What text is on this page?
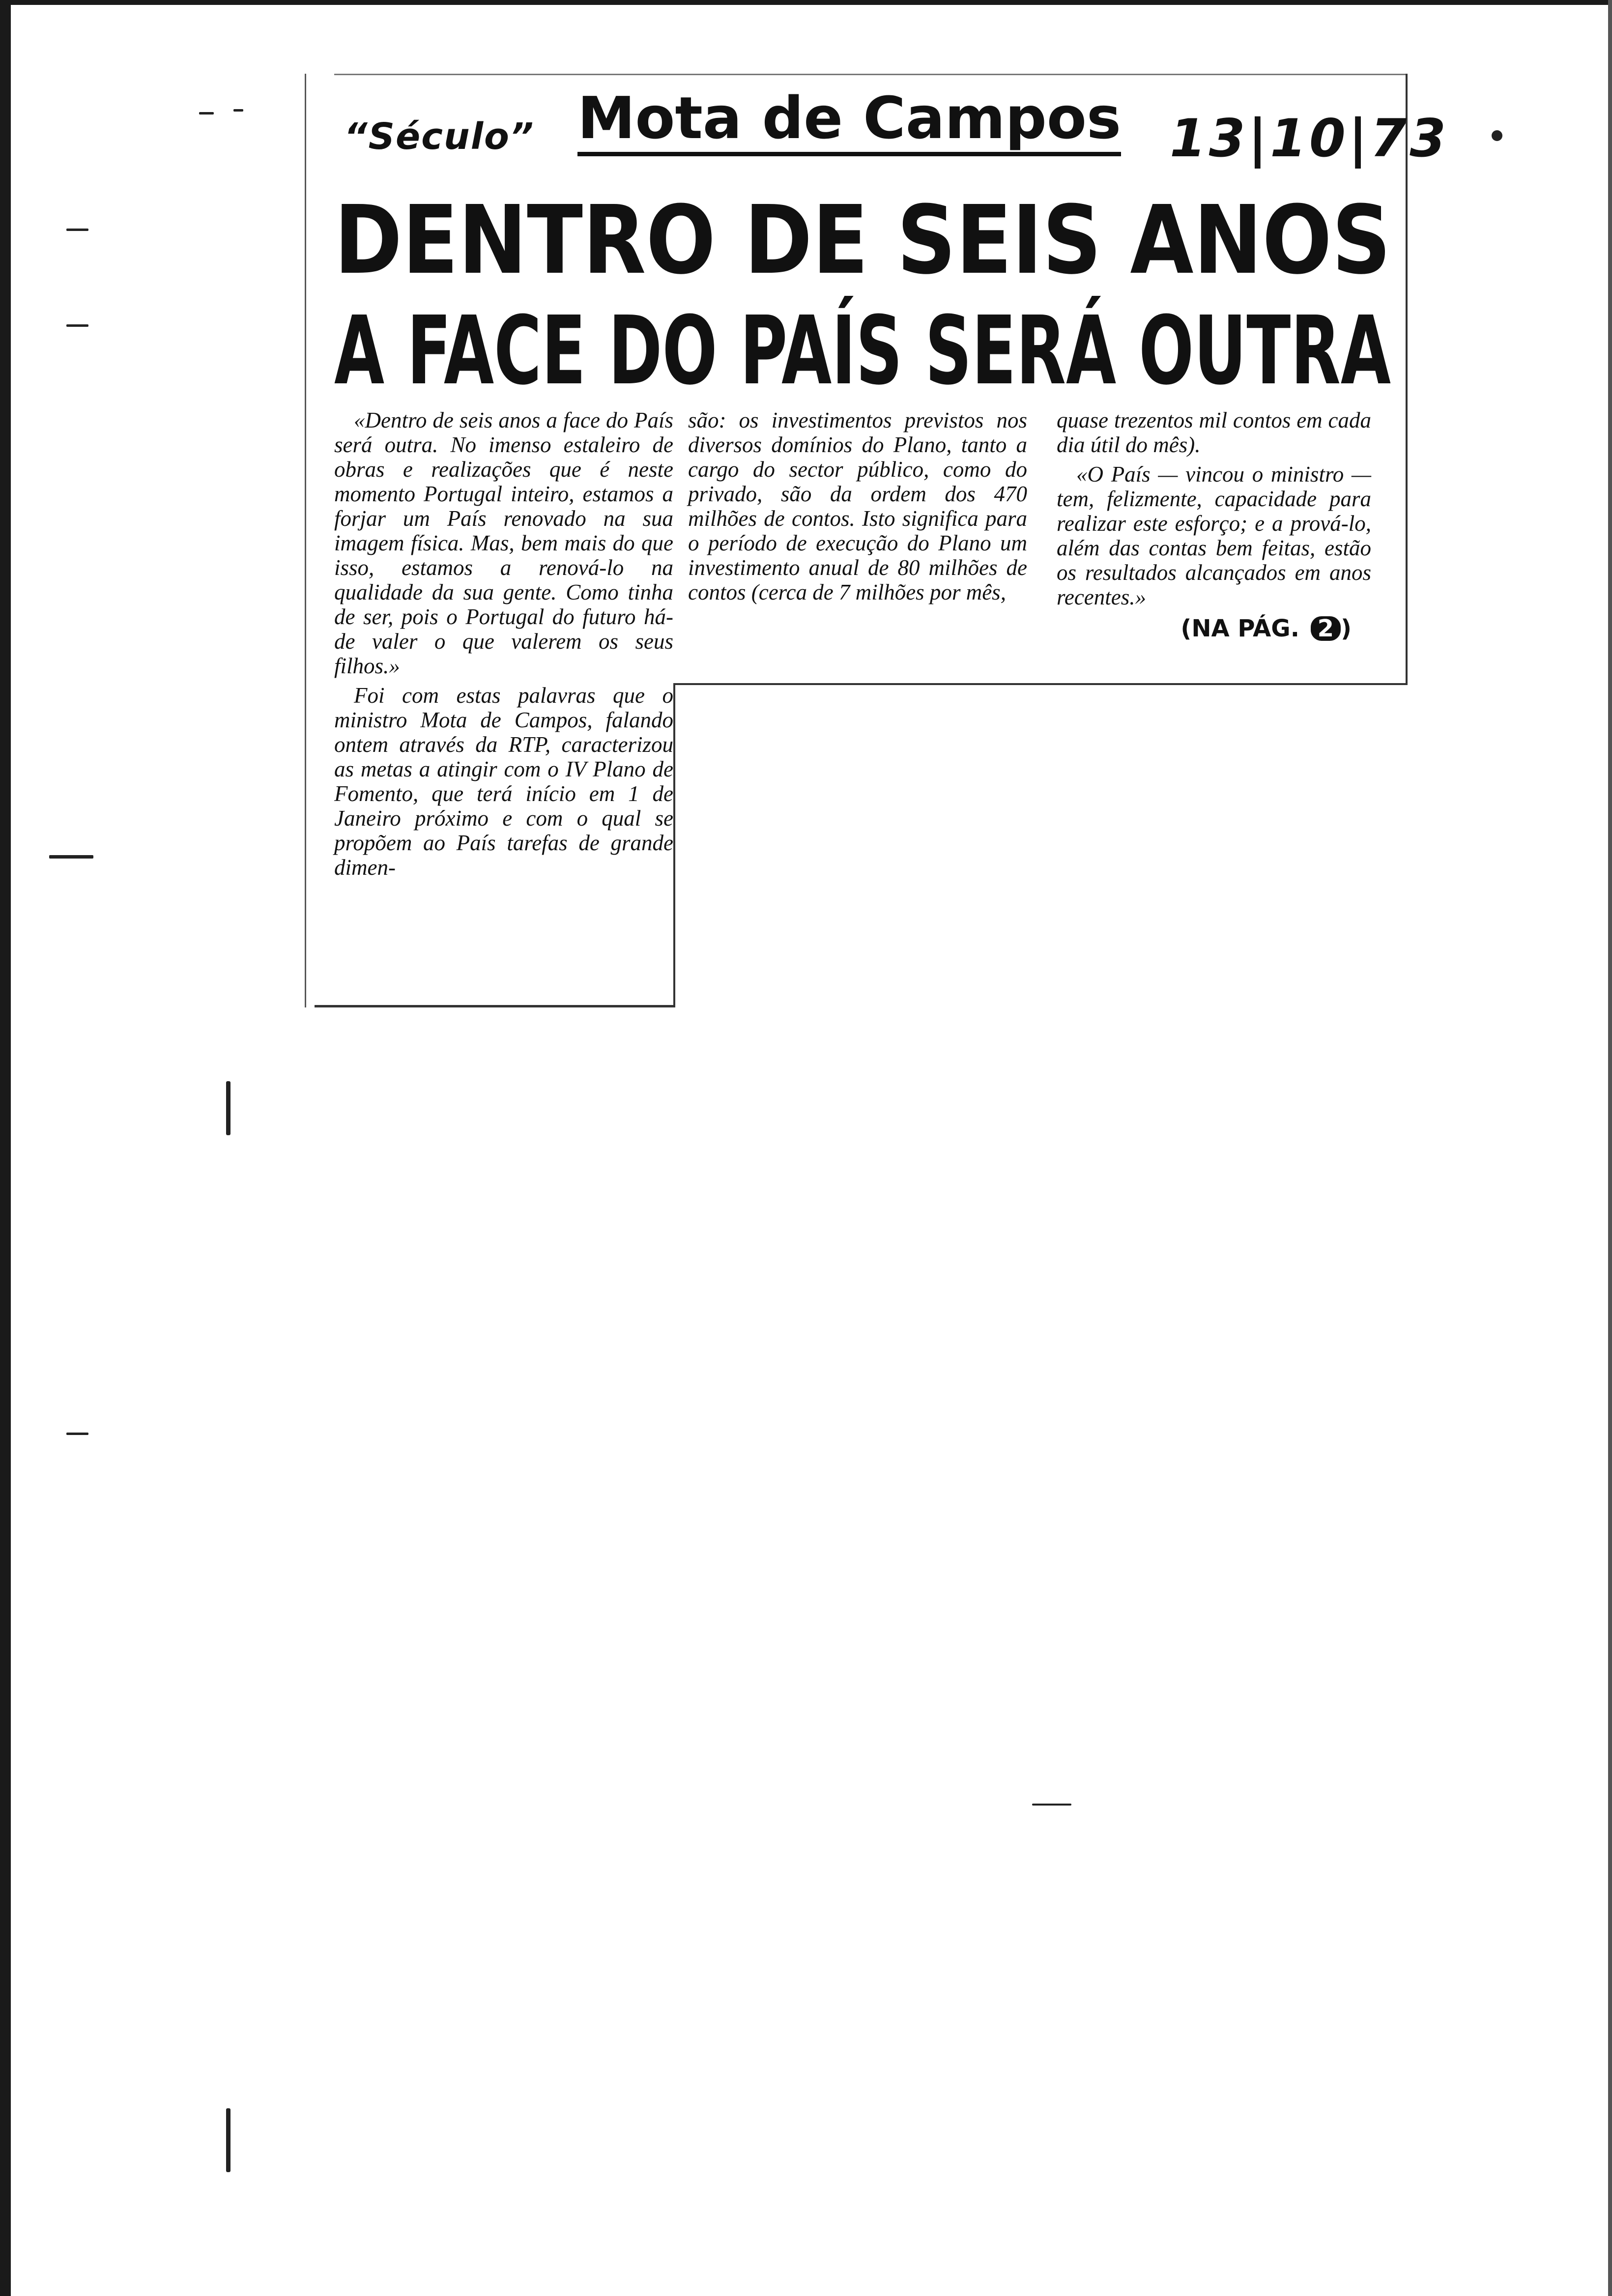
“Século” Mota de Campos 13|10|73
DENTRO DE SEIS ANOS
A FACE DO PAÍS SERÁ OUTRA

«Dentro de seis anos a face do País será outra. No imenso estaleiro de obras e realizações que é neste momento Portugal inteiro, estamos a forjar um País renovado na sua imagem física. Mas, bem mais do que isso, estamos a renová-lo na qualidade da sua gente. Como tinha de ser, pois o Portugal do futuro há-de valer o que valerem os seus filhos.»

Foi com estas palavras que o ministro Mota de Campos, falando ontem através da RTP, caracterizou as metas a atingir com o IV Plano de Fomento, que terá início em 1 de Janeiro próximo e com o qual se propõem ao País tarefas de grande dimen-

são: os investimentos previstos nos diversos domínios do Plano, tanto a cargo do sector público, como do privado, são da ordem dos 470 milhões de contos. Isto significa para o período de execução do Plano um investimento anual de 80 milhões de contos (cerca de 7 milhões por mês,

quase trezentos mil contos em cada dia útil do mês).

«O País — vincou o ministro — tem, felizmente, capacidade para realizar este esforço; e a prová-lo, além das contas bem feitas, estão os resultados alcançados em anos recentes.»

(NA PÁG. 2 )
